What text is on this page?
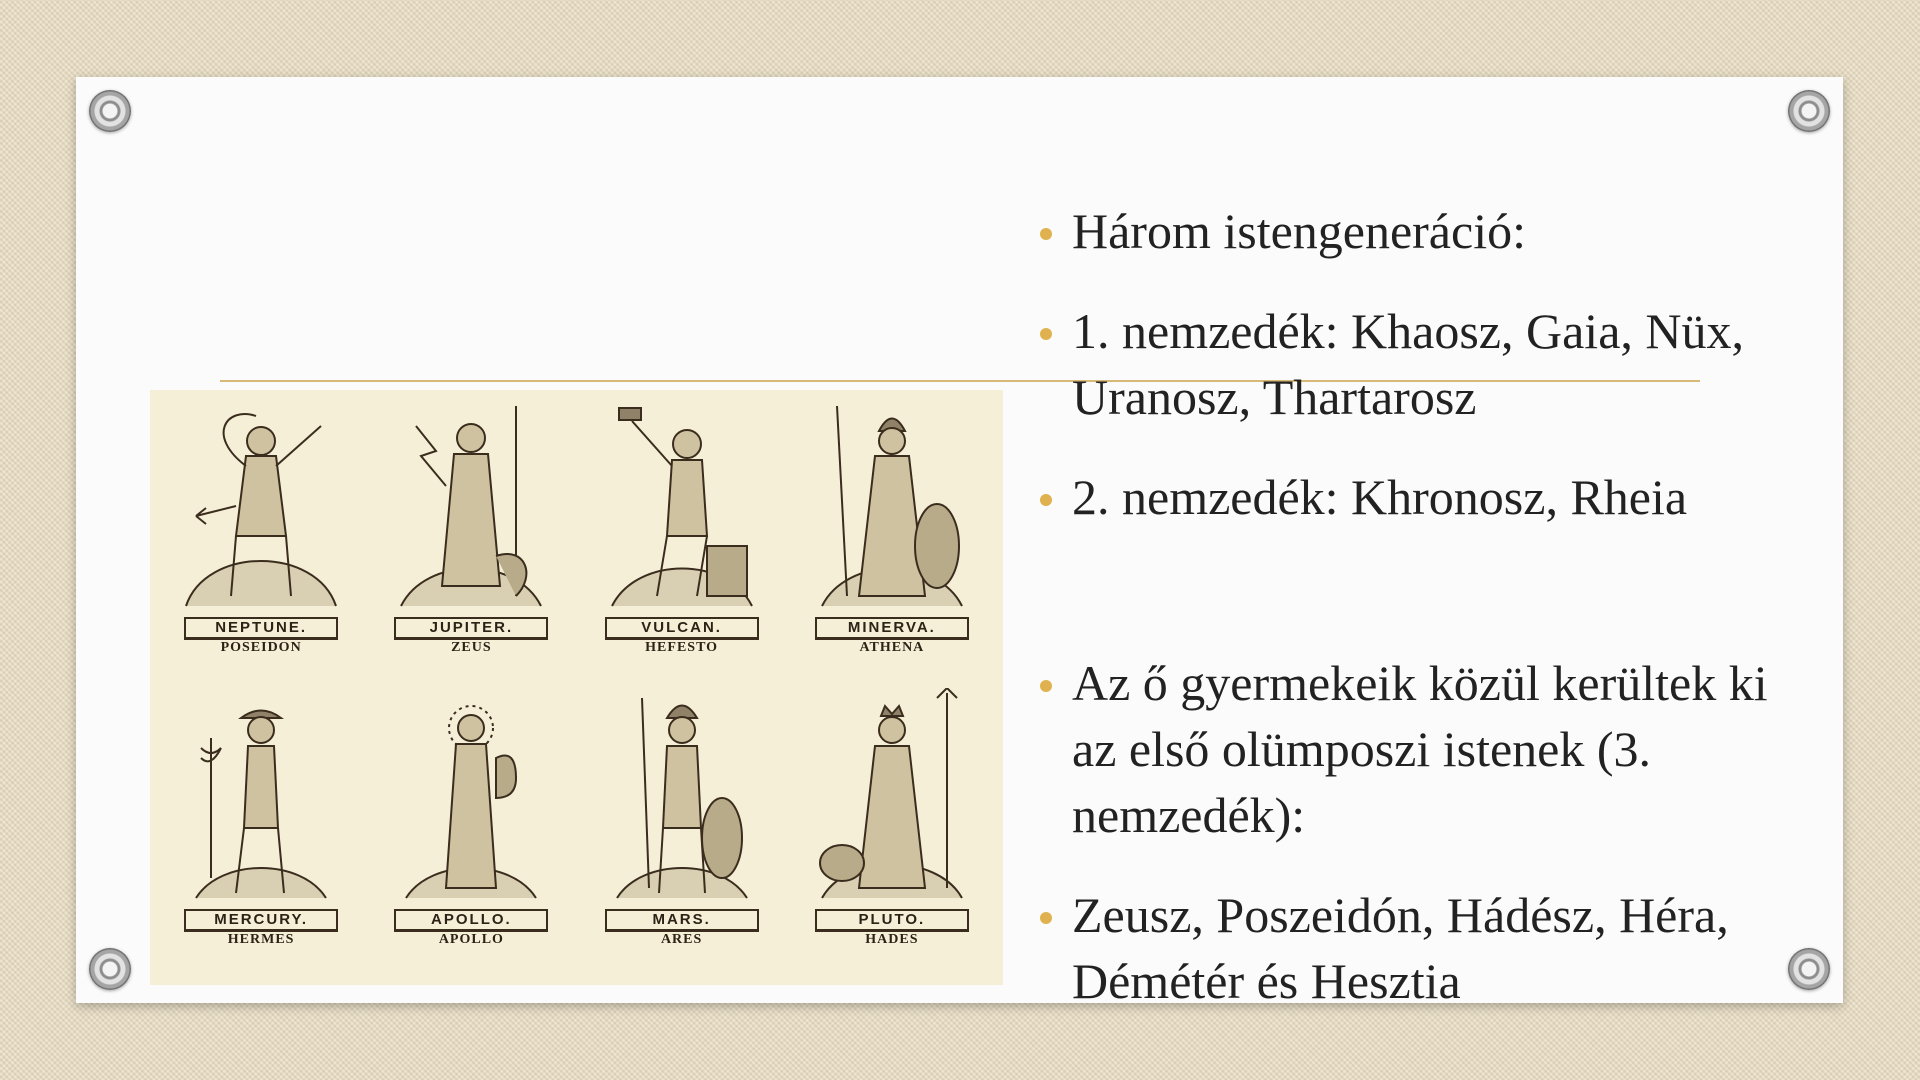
NEPTUNE.
POSEIDON
JUPITER.
ZEUS
VULCAN.
HEFESTO
MINERVA.
ATHENA
MERCURY.
HERMES
APOLLO.
APOLLO
MARS.
ARES
PLUTO.
HADES
Három istengeneráció:
1. nemzedék: Khaosz, Gaia, Nüx, Uranosz, Thartarosz
2. nemzedék: Khronosz, Rheia
Az ő gyermekeik közül kerültek ki az első olümposzi istenek (3. nemzedék):
Zeusz, Poszeidón, Hádész, Héra, Démétér és Hesztia
